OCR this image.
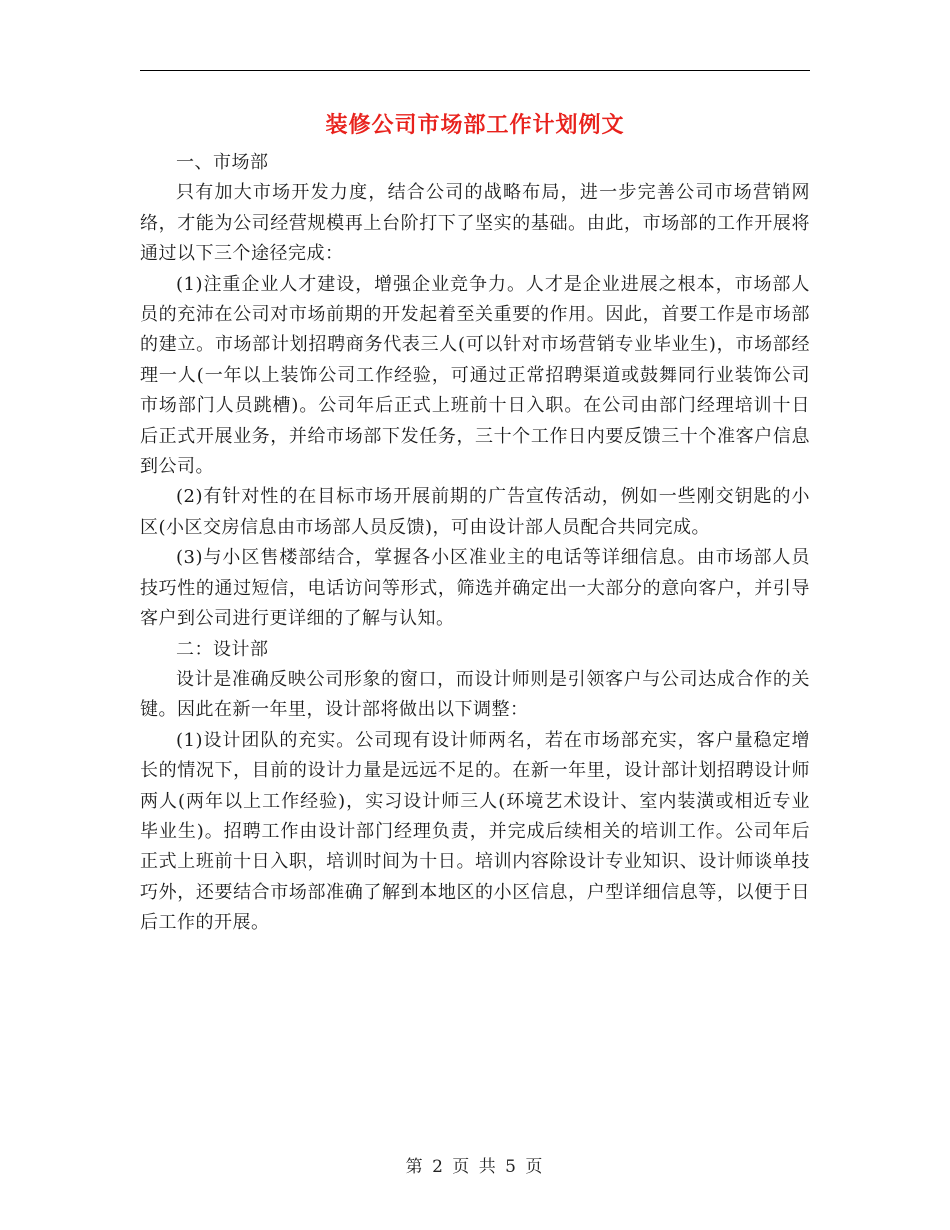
装修公司市场部工作计划例文

一、市场部

只有加大市场开发力度，结合公司的战略布局，进一步完善公司市场营销网络，才能为公司经营规模再上台阶打下了坚实的基础。由此，市场部的工作开展将通过以下三个途径完成：

(1)注重企业人才建设，增强企业竞争力。人才是企业进展之根本，市场部人员的充沛在公司对市场前期的开发起着至关重要的作用。因此，首要工作是市场部的建立。市场部计划招聘商务代表三人(可以针对市场营销专业毕业生)，市场部经理一人(一年以上装饰公司工作经验，可通过正常招聘渠道或鼓舞同行业装饰公司市场部门人员跳槽)。公司年后正式上班前十日入职。在公司由部门经理培训十日后正式开展业务，并给市场部下发任务，三十个工作日内要反馈三十个准客户信息到公司。

(2)有针对性的在目标市场开展前期的广告宣传活动，例如一些刚交钥匙的小区(小区交房信息由市场部人员反馈)，可由设计部人员配合共同完成。

(3)与小区售楼部结合，掌握各小区准业主的电话等详细信息。由市场部人员技巧性的通过短信，电话访问等形式，筛选并确定出一大部分的意向客户，并引导客户到公司进行更详细的了解与认知。

二：设计部

设计是准确反映公司形象的窗口，而设计师则是引领客户与公司达成合作的关键。因此在新一年里，设计部将做出以下调整：

(1)设计团队的充实。公司现有设计师两名，若在市场部充实，客户量稳定增长的情况下，目前的设计力量是远远不足的。在新一年里，设计部计划招聘设计师两人(两年以上工作经验)，实习设计师三人(环境艺术设计、室内装潢或相近专业毕业生)。招聘工作由设计部门经理负责，并完成后续相关的培训工作。公司年后正式上班前十日入职，培训时间为十日。培训内容除设计专业知识、设计师谈单技巧外，还要结合市场部准确了解到本地区的小区信息，户型详细信息等，以便于日后工作的开展。

第 2 页 共 5 页
